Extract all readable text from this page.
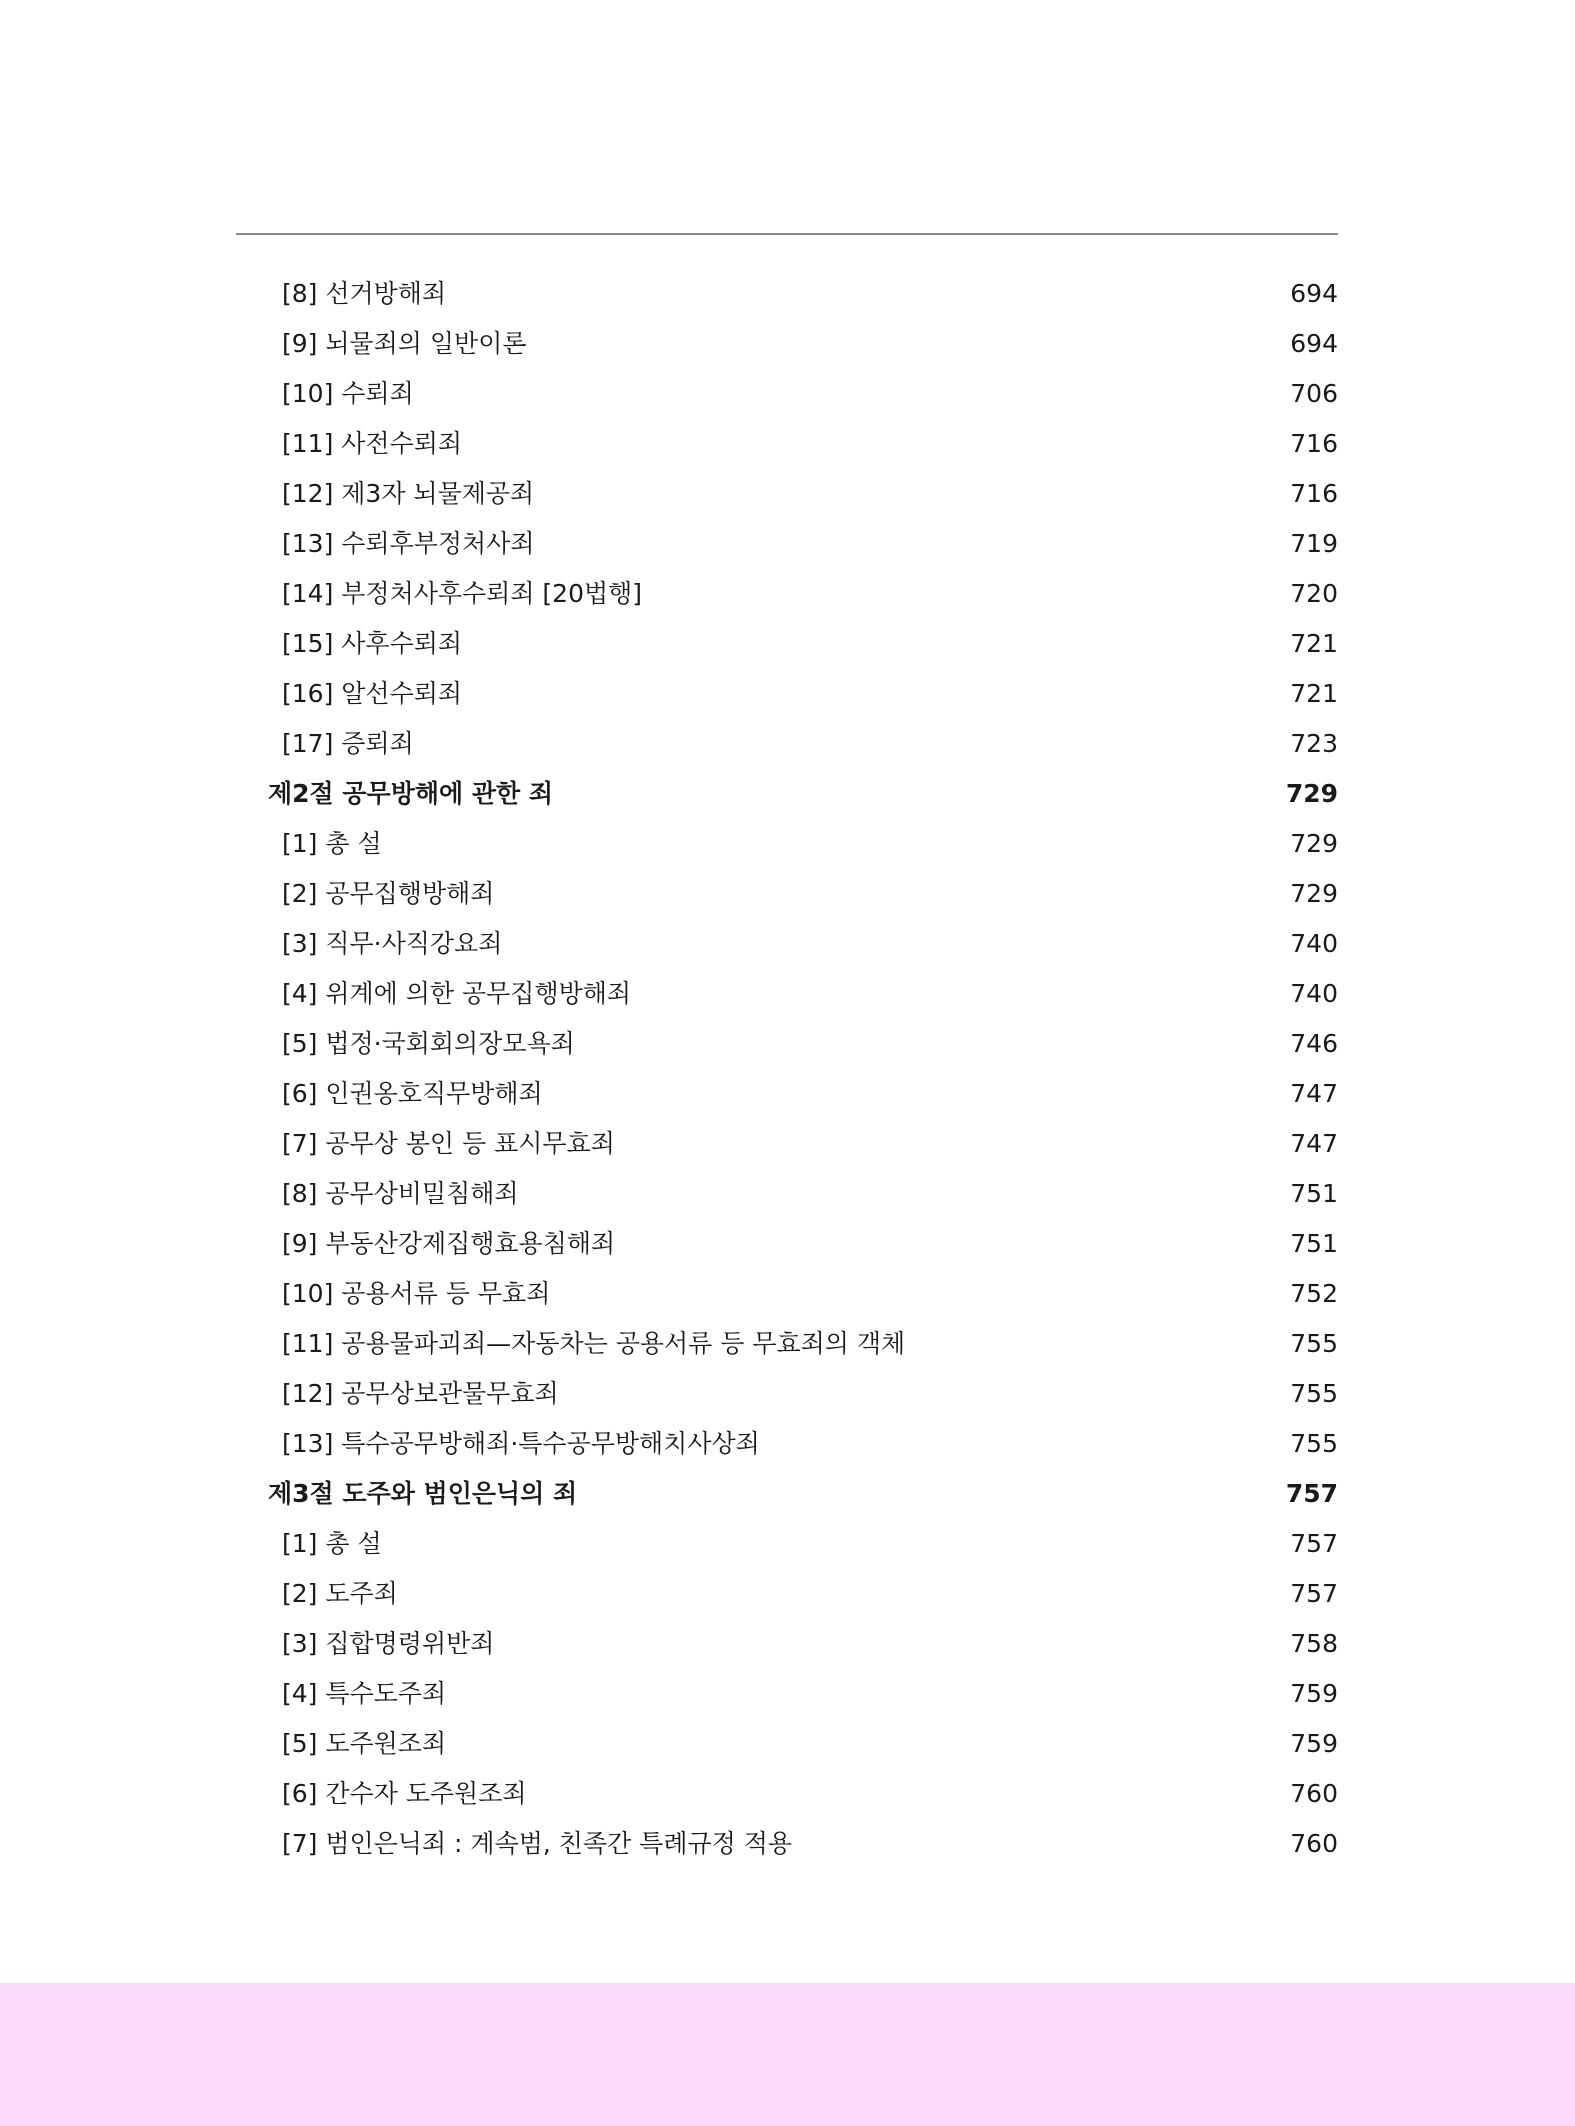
[8] 선거방해죄	694
[9] 뇌물죄의 일반이론	694
[10] 수뢰죄	706
[11] 사전수뢰죄	716
[12] 제3자 뇌물제공죄	716
[13] 수뢰후부정처사죄	719
[14] 부정처사후수뢰죄 [20법행]	720
[15] 사후수뢰죄	721
[16] 알선수뢰죄	721
[17] 증뢰죄	723
제2절 공무방해에 관한 죄	729
[1] 총 설	729
[2] 공무집행방해죄	729
[3] 직무·사직강요죄	740
[4] 위계에 의한 공무집행방해죄	740
[5] 법정·국회회의장모욕죄	746
[6] 인권옹호직무방해죄	747
[7] 공무상 봉인 등 표시무효죄	747
[8] 공무상비밀침해죄	751
[9] 부동산강제집행효용침해죄	751
[10] 공용서류 등 무효죄	752
[11] 공용물파괴죄—자동차는 공용서류 등 무효죄의 객체	755
[12] 공무상보관물무효죄	755
[13] 특수공무방해죄·특수공무방해치사상죄	755
제3절 도주와 범인은닉의 죄	757
[1] 총 설	757
[2] 도주죄	757
[3] 집합명령위반죄	758
[4] 특수도주죄	759
[5] 도주원조죄	759
[6] 간수자 도주원조죄	760
[7] 범인은닉죄 : 계속범, 친족간 특례규정 적용	760
